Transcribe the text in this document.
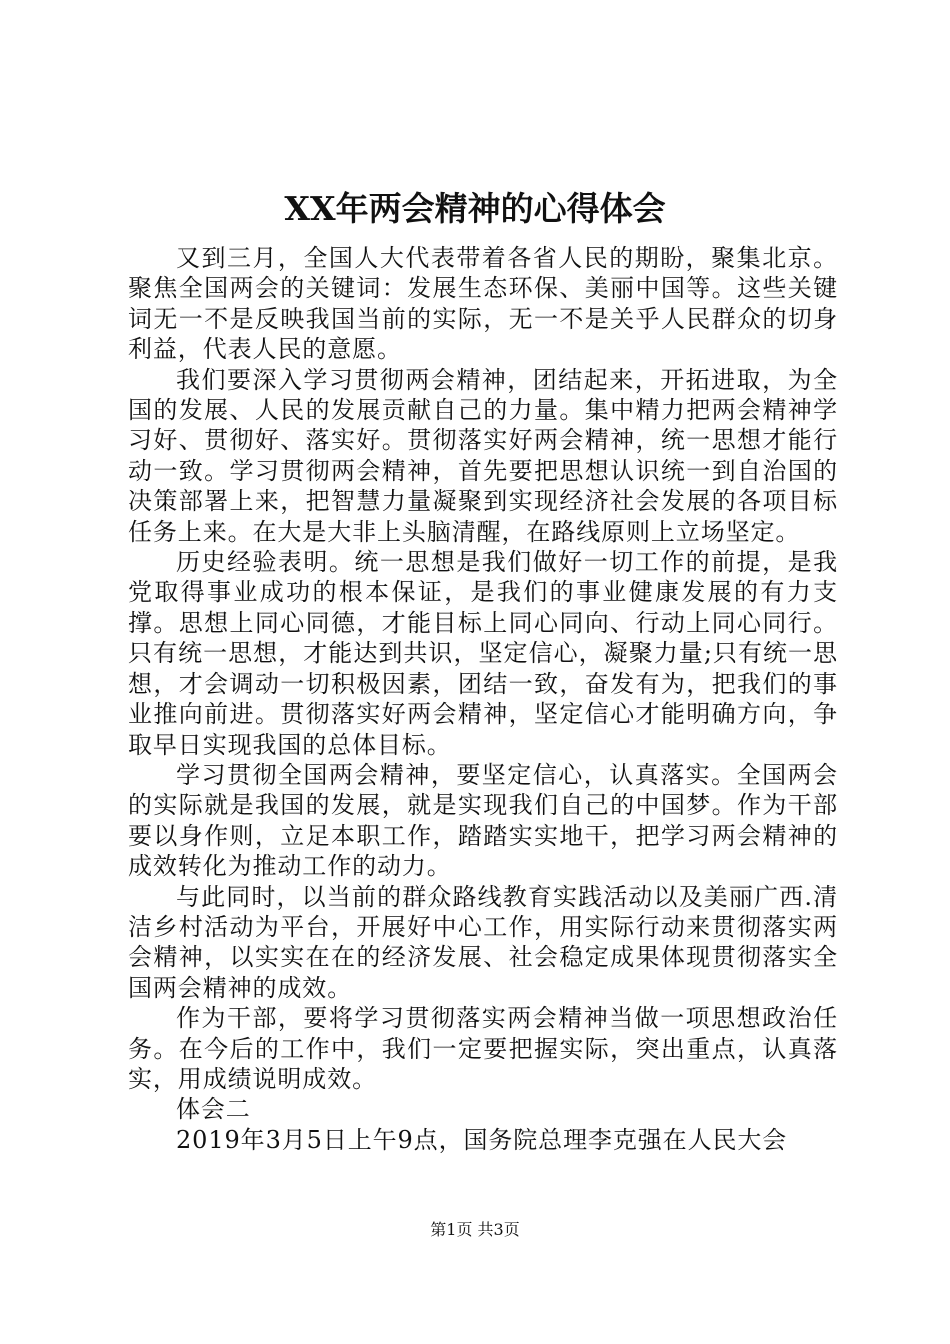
XX年两会精神的心得体会

又到三月，全国人大代表带着各省人民的期盼，聚集北京。聚焦全国两会的关键词：发展生态环保、美丽中国等。这些关键词无一不是反映我国当前的实际，无一不是关乎人民群众的切身利益，代表人民的意愿。

我们要深入学习贯彻两会精神，团结起来，开拓进取，为全国的发展、人民的发展贡献自己的力量。集中精力把两会精神学习好、贯彻好、落实好。贯彻落实好两会精神，统一思想才能行动一致。学习贯彻两会精神，首先要把思想认识统一到自治国的决策部署上来，把智慧力量凝聚到实现经济社会发展的各项目标任务上来。在大是大非上头脑清醒，在路线原则上立场坚定。

历史经验表明。统一思想是我们做好一切工作的前提，是我党取得事业成功的根本保证，是我们的事业健康发展的有力支撑。思想上同心同德，才能目标上同心同向、行动上同心同行。只有统一思想，才能达到共识，坚定信心，凝聚力量;只有统一思想，才会调动一切积极因素，团结一致，奋发有为，把我们的事业推向前进。贯彻落实好两会精神，坚定信心才能明确方向，争取早日实现我国的总体目标。

学习贯彻全国两会精神，要坚定信心，认真落实。全国两会的实际就是我国的发展，就是实现我们自己的中国梦。作为干部要以身作则，立足本职工作，踏踏实实地干，把学习两会精神的成效转化为推动工作的动力。

与此同时，以当前的群众路线教育实践活动以及美丽广西.清洁乡村活动为平台，开展好中心工作，用实际行动来贯彻落实两会精神，以实实在在的经济发展、社会稳定成果体现贯彻落实全国两会精神的成效。

作为干部，要将学习贯彻落实两会精神当做一项思想政治任务。在今后的工作中，我们一定要把握实际，突出重点，认真落实，用成绩说明成效。

体会二

2019年3月5日上午9点，国务院总理李克强在人民大会

第1页 共3页
